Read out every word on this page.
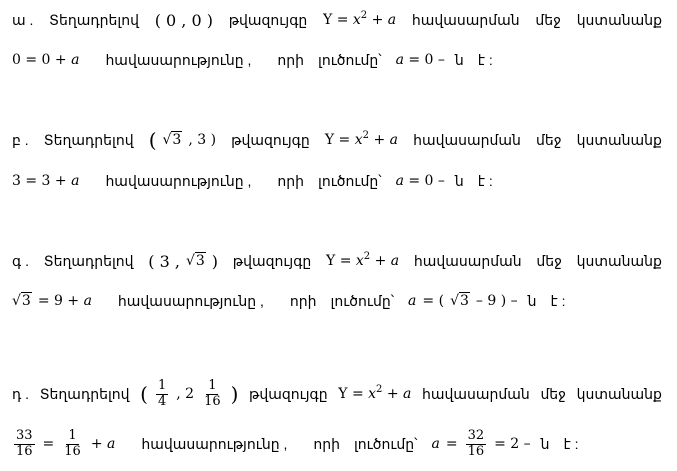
ա . Տեղադրելով ( 0 , 0 ) թվազույգը $Y = x^2 + a$ հավասարման մեջ կստանանք
0 = 0 + a հավասարությունը , որի լուծումը՝ a = 0 – ն է :
բ . Տեղադրելով ( √3 , 3 ) թվազույգը $Y = x^2 + a$ հավասարման մեջ կստանանք
3 = 3 + a հավասարությունը , որի լուծումը՝ a = 0 – ն է :
գ . Տեղադրելով ( 3 , √3 ) թվազույգը $Y = x^2 + a$ հավասարման մեջ կստանանք
√3 = 9 + a հավասարությունը , որի լուծումը՝ a = ( √3 – 9 ) – ն է :
դ . Տեղադրելով ( $\frac{1}{4}$ , $2 \frac{1}{16}$ ) թվազույգը $Y = x^2 + a$ հավասարման մեջ կստանանք
$\frac{33}{16} = \frac{1}{16} + a$ հավասարությունը , որի լուծումը՝ $a = \frac{32}{16} = 2$ – ն է :
